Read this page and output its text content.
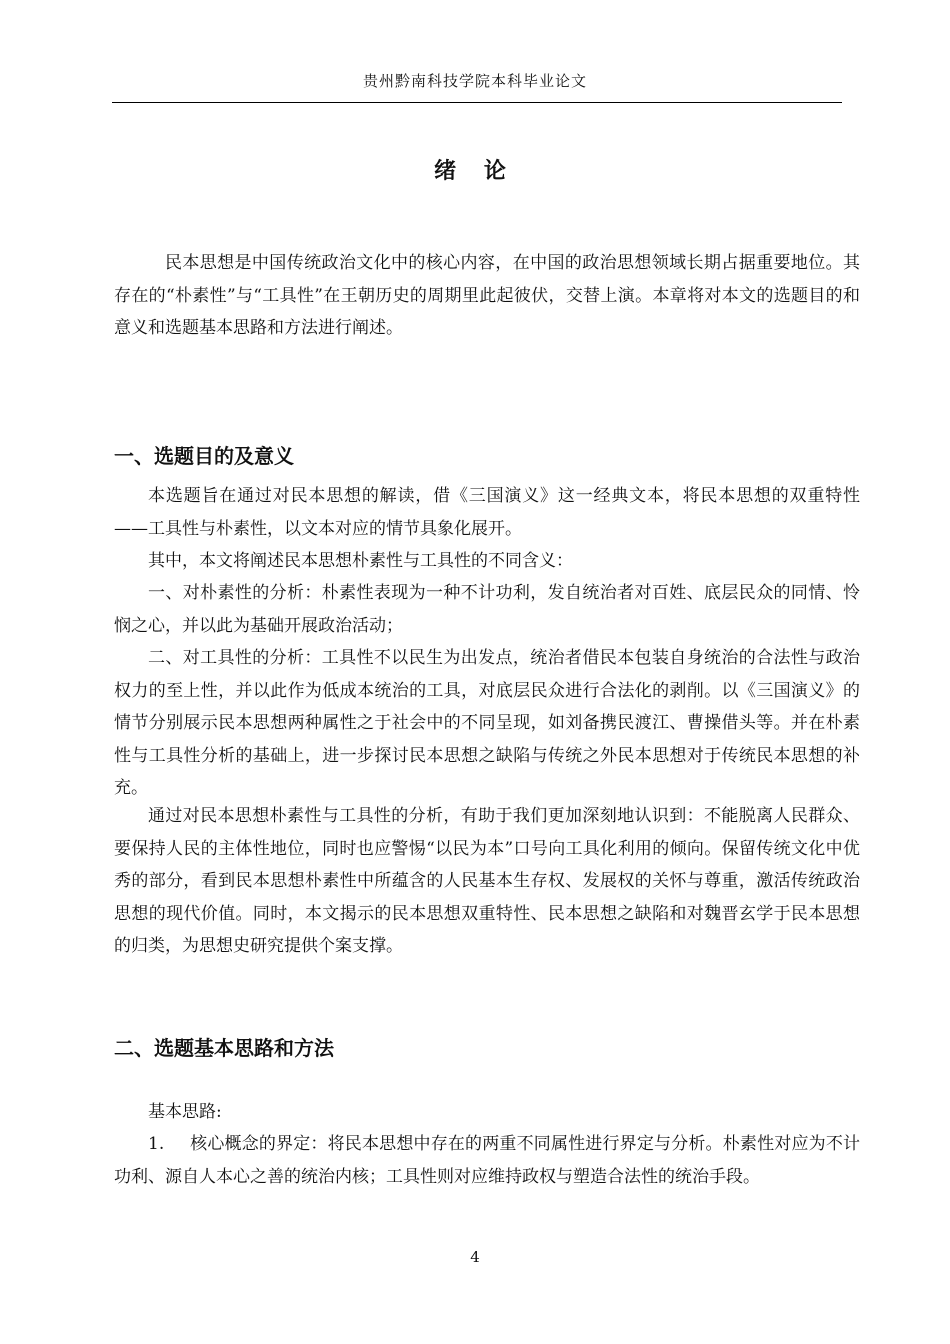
贵州黔南科技学院本科毕业论文
绪 论

民本思想是中国传统政治文化中的核心内容，在中国的政治思想领域长期占据重要地位。其存在的“朴素性”与“工具性”在王朝历史的周期里此起彼伏，交替上演。本章将对本文的选题目的和意义和选题基本思路和方法进行阐述。

一、选题目的及意义

本选题旨在通过对民本思想的解读，借《三国演义》这一经典文本，将民本思想的双重特性——工具性与朴素性，以文本对应的情节具象化展开。

其中，本文将阐述民本思想朴素性与工具性的不同含义：

一、对朴素性的分析：朴素性表现为一种不计功利，发自统治者对百姓、底层民众的同情、怜悯之心，并以此为基础开展政治活动；

二、对工具性的分析：工具性不以民生为出发点，统治者借民本包装自身统治的合法性与政治权力的至上性，并以此作为低成本统治的工具，对底层民众进行合法化的剥削。以《三国演义》的情节分别展示民本思想两种属性之于社会中的不同呈现，如刘备携民渡江、曹操借头等。并在朴素性与工具性分析的基础上，进一步探讨民本思想之缺陷与传统之外民本思想对于传统民本思想的补充。

通过对民本思想朴素性与工具性的分析，有助于我们更加深刻地认识到：不能脱离人民群众、要保持人民的主体性地位，同时也应警惕“以民为本”口号向工具化利用的倾向。保留传统文化中优秀的部分，看到民本思想朴素性中所蕴含的人民基本生存权、发展权的关怀与尊重，激活传统政治思想的现代价值。同时，本文揭示的民本思想双重特性、民本思想之缺陷和对魏晋玄学于民本思想的归类，为思想史研究提供个案支撑。

二、选题基本思路和方法

基本思路:

1. 核心概念的界定：将民本思想中存在的两重不同属性进行界定与分析。朴素性对应为不计功利、源自人本心之善的统治内核；工具性则对应维持政权与塑造合法性的统治手段。

4
